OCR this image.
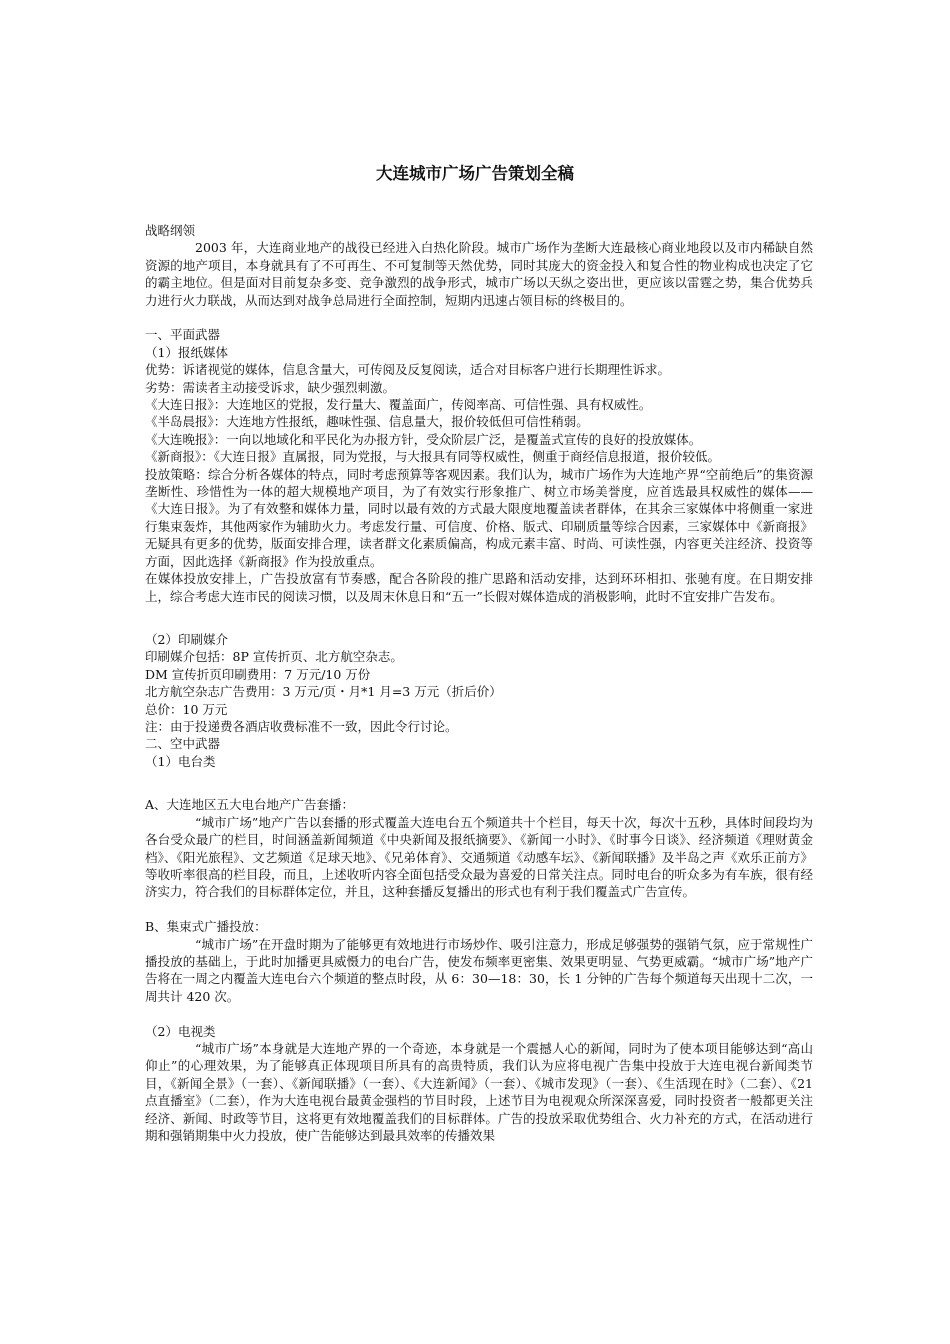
大连城市广场广告策划全稿

战略纲领

2003 年，大连商业地产的战役已经进入白热化阶段。城市广场作为垄断大连最核心商业地段以及市内稀缺自然资源的地产项目，本身就具有了不可再生、不可复制等天然优势，同时其庞大的资金投入和复合性的物业构成也决定了它的霸主地位。但是面对目前复杂多变、竞争激烈的战争形式，城市广场以天纵之姿出世，更应该以雷霆之势，集合优势兵力进行火力联战，从而达到对战争总局进行全面控制，短期内迅速占领目标的终极目的。

一、平面武器

（1）报纸媒体

优势：诉诸视觉的媒体，信息含量大，可传阅及反复阅读，适合对目标客户进行长期理性诉求。

劣势：需读者主动接受诉求，缺少强烈刺激。

《大连日报》：大连地区的党报，发行量大、覆盖面广，传阅率高、可信性强、具有权威性。

《半岛晨报》：大连地方性报纸，趣味性强、信息量大，报价较低但可信性稍弱。

《大连晚报》：一向以地域化和平民化为办报方针，受众阶层广泛，是覆盖式宣传的良好的投放媒体。

《新商报》：《大连日报》直属报，同为党报，与大报具有同等权威性，侧重于商经信息报道，报价较低。

投放策略：综合分析各媒体的特点，同时考虑预算等客观因素。我们认为，城市广场作为大连地产界“空前绝后”的集资源垄断性、珍惜性为一体的超大规模地产项目，为了有效实行形象推广、树立市场美誉度，应首选最具权威性的媒体——《大连日报》。为了有效整和媒体力量，同时以最有效的方式最大限度地覆盖读者群体，在其余三家媒体中将侧重一家进行集束轰炸，其他两家作为辅助火力。考虑发行量、可信度、价格、版式、印刷质量等综合因素，三家媒体中《新商报》无疑具有更多的优势，版面安排合理，读者群文化素质偏高，构成元素丰富、时尚、可读性强，内容更关注经济、投资等方面，因此选择《新商报》作为投放重点。

在媒体投放安排上，广告投放富有节奏感，配合各阶段的推广思路和活动安排，达到环环相扣、张驰有度。在日期安排上，综合考虑大连市民的阅读习惯，以及周末休息日和“五一”长假对媒体造成的消极影响，此时不宜安排广告发布。

（2）印刷媒介

印刷媒介包括：8P 宣传折页、北方航空杂志。

DM 宣传折页印刷费用：7 万元/10 万份

北方航空杂志广告费用：3 万元/页・月*1 月=3 万元（折后价）

总价：10 万元

注：由于投递费各酒店收费标准不一致，因此令行讨论。

二、空中武器

（1）电台类

A、大连地区五大电台地产广告套播：

“城市广场”地产广告以套播的形式覆盖大连电台五个频道共十个栏目，每天十次，每次十五秒，具体时间段均为各台受众最广的栏目，时间涵盖新闻频道《中央新闻及报纸摘要》、《新闻一小时》、《时事今日谈》、经济频道《理财黄金档》、《阳光旅程》、文艺频道《足球天地》、《兄弟体育》、交通频道《动感车坛》、《新闻联播》及半岛之声《欢乐正前方》等收听率很高的栏目段，而且，上述收听内容全面包括受众最为喜爱的日常关注点。同时电台的听众多为有车族，很有经济实力，符合我们的目标群体定位，并且，这种套播反复播出的形式也有利于我们覆盖式广告宣传。

B、集束式广播投放：

“城市广场”在开盘时期为了能够更有效地进行市场炒作、吸引注意力，形成足够强势的强销气氛，应于常规性广播投放的基础上，于此时加播更具威慑力的电台广告，使发布频率更密集、效果更明显、气势更威霸。“城市广场”地产广告将在一周之内覆盖大连电台六个频道的整点时段，从 6：30—18：30，长 1 分钟的广告每个频道每天出现十二次，一周共计 420 次。

（2）电视类

“城市广场”本身就是大连地产界的一个奇迹，本身就是一个震撼人心的新闻，同时为了使本项目能够达到“高山仰止”的心理效果，为了能够真正体现项目所具有的高贵特质，我们认为应将电视广告集中投放于大连电视台新闻类节目，《新闻全景》（一套）、《新闻联播》（一套）、《大连新闻》（一套）、《城市发现》（一套）、《生活现在时》（二套）、《21 点直播室》（二套），作为大连电视台最黄金强档的节目时段，上述节目为电视观众所深深喜爱，同时投资者一般都更关注经济、新闻、时政等节目，这将更有效地覆盖我们的目标群体。广告的投放采取优势组合、火力补充的方式，在活动进行期和强销期集中火力投放，使广告能够达到最具效率的传播效果
